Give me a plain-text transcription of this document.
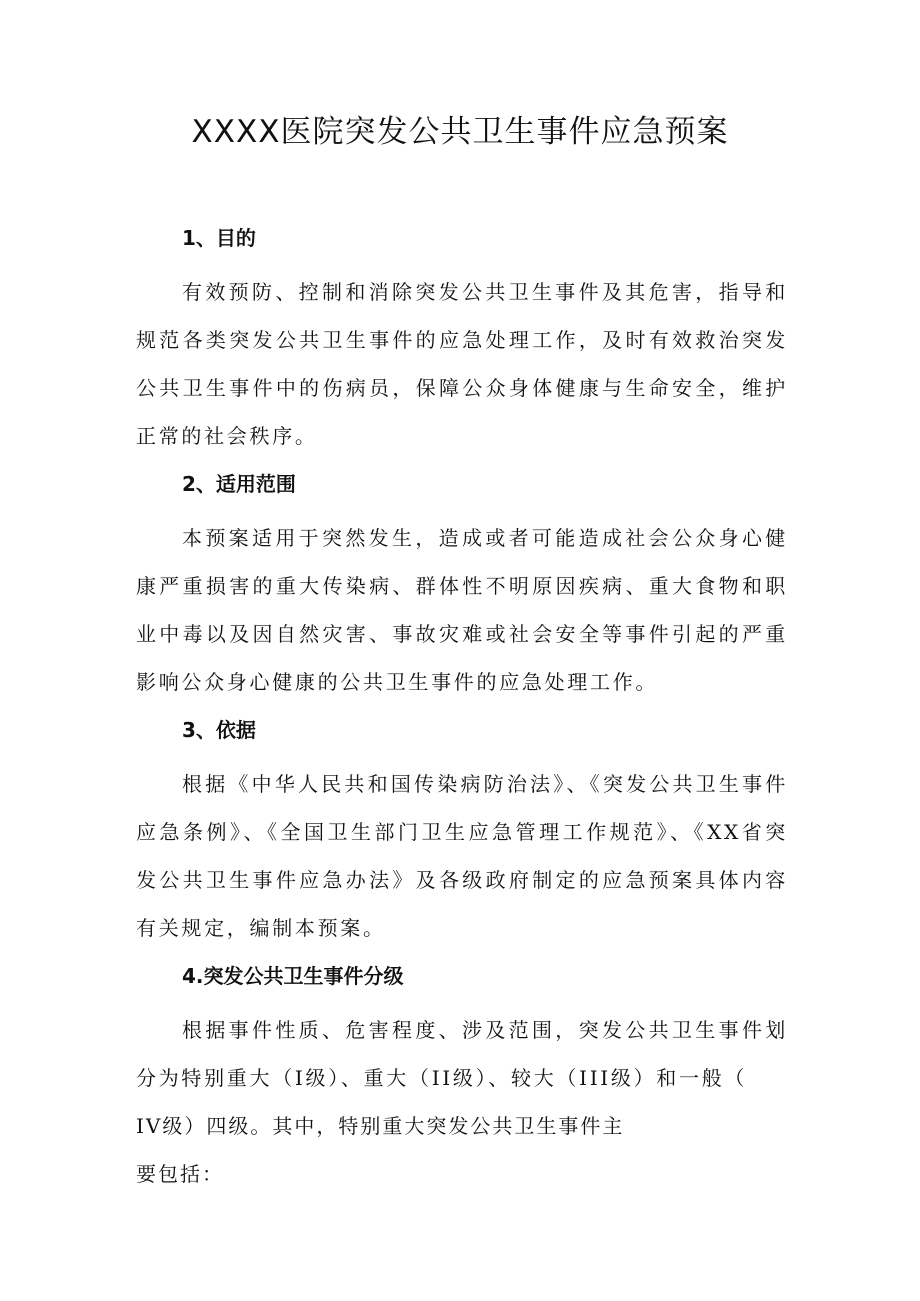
XXXX医院突发公共卫生事件应急预案

1、目的

有效预防、控制和消除突发公共卫生事件及其危害，指导和规范各类突发公共卫生事件的应急处理工作，及时有效救治突发公共卫生事件中的伤病员，保障公众身体健康与生命安全，维护正常的社会秩序。

2、适用范围

本预案适用于突然发生，造成或者可能造成社会公众身心健康严重损害的重大传染病、群体性不明原因疾病、重大食物和职业中毒以及因自然灾害、事故灾难或社会安全等事件引起的严重影响公众身心健康的公共卫生事件的应急处理工作。

3、依据

根据《中华人民共和国传染病防治法》、《突发公共卫生事件应急条例》、《全国卫生部门卫生应急管理工作规范》、《XX省突发公共卫生事件应急办法》及各级政府制定的应急预案具体内容有关规定，编制本预案。

4.突发公共卫生事件分级

根据事件性质、危害程度、涉及范围，突发公共卫生事件划分为特别重大（I级）、重大（II级）、较大（III级）和一般（

IV级）四级。其中，特别重大突发公共卫生事件主

要包括：
